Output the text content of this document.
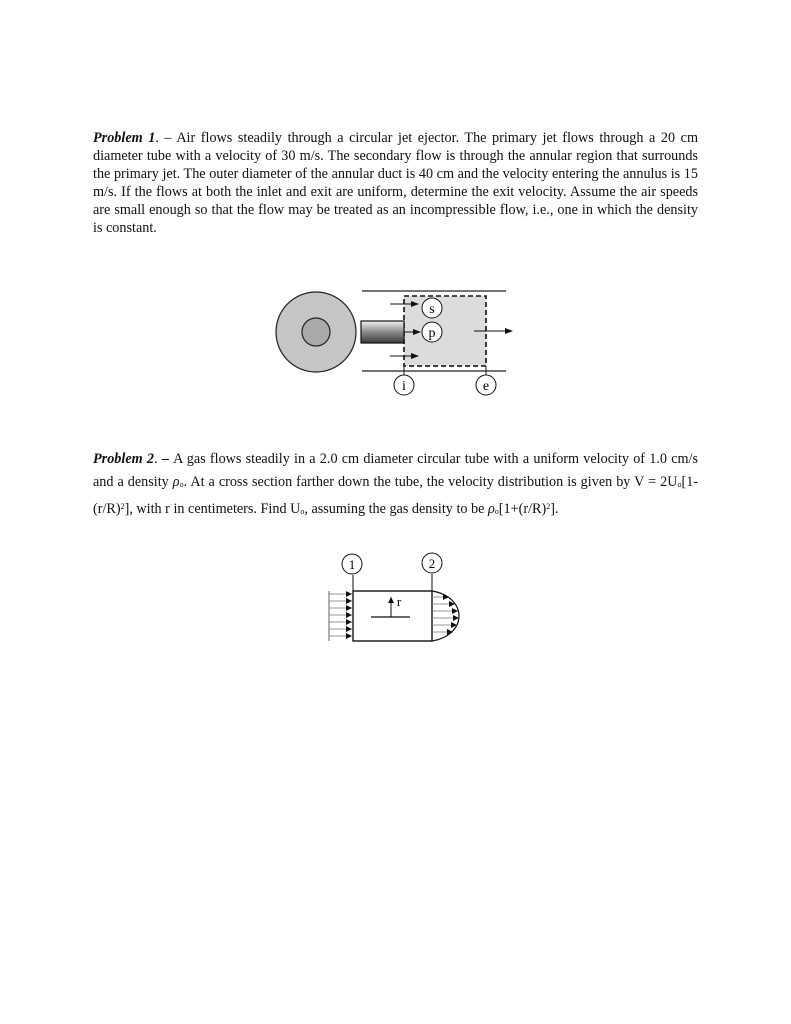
Problem 1. – Air flows steadily through a circular jet ejector. The primary jet flows through a 20 cm diameter tube with a velocity of 30 m/s. The secondary flow is through the annular region that surrounds the primary jet. The outer diameter of the annular duct is 40 cm and the velocity entering the annulus is 15 m/s. If the flows at both the inlet and exit are uniform, determine the exit velocity. Assume the air speeds are small enough so that the flow may be treated as an incompressible flow, i.e., one in which the density is constant.
s
p
i	e
Problem 2. – A gas flows steadily in a 2.0 cm diameter circular tube with a uniform velocity of 1.0 cm/s and a density $\rho_o$. At a cross section farther down the tube, the velocity distribution is given by $V = 2U_o[1-(r/R)^2]$, with r in centimeters. Find $U_o$, assuming the gas density to be $\rho_o[1+(r/R)^2]$.
r
1	2
